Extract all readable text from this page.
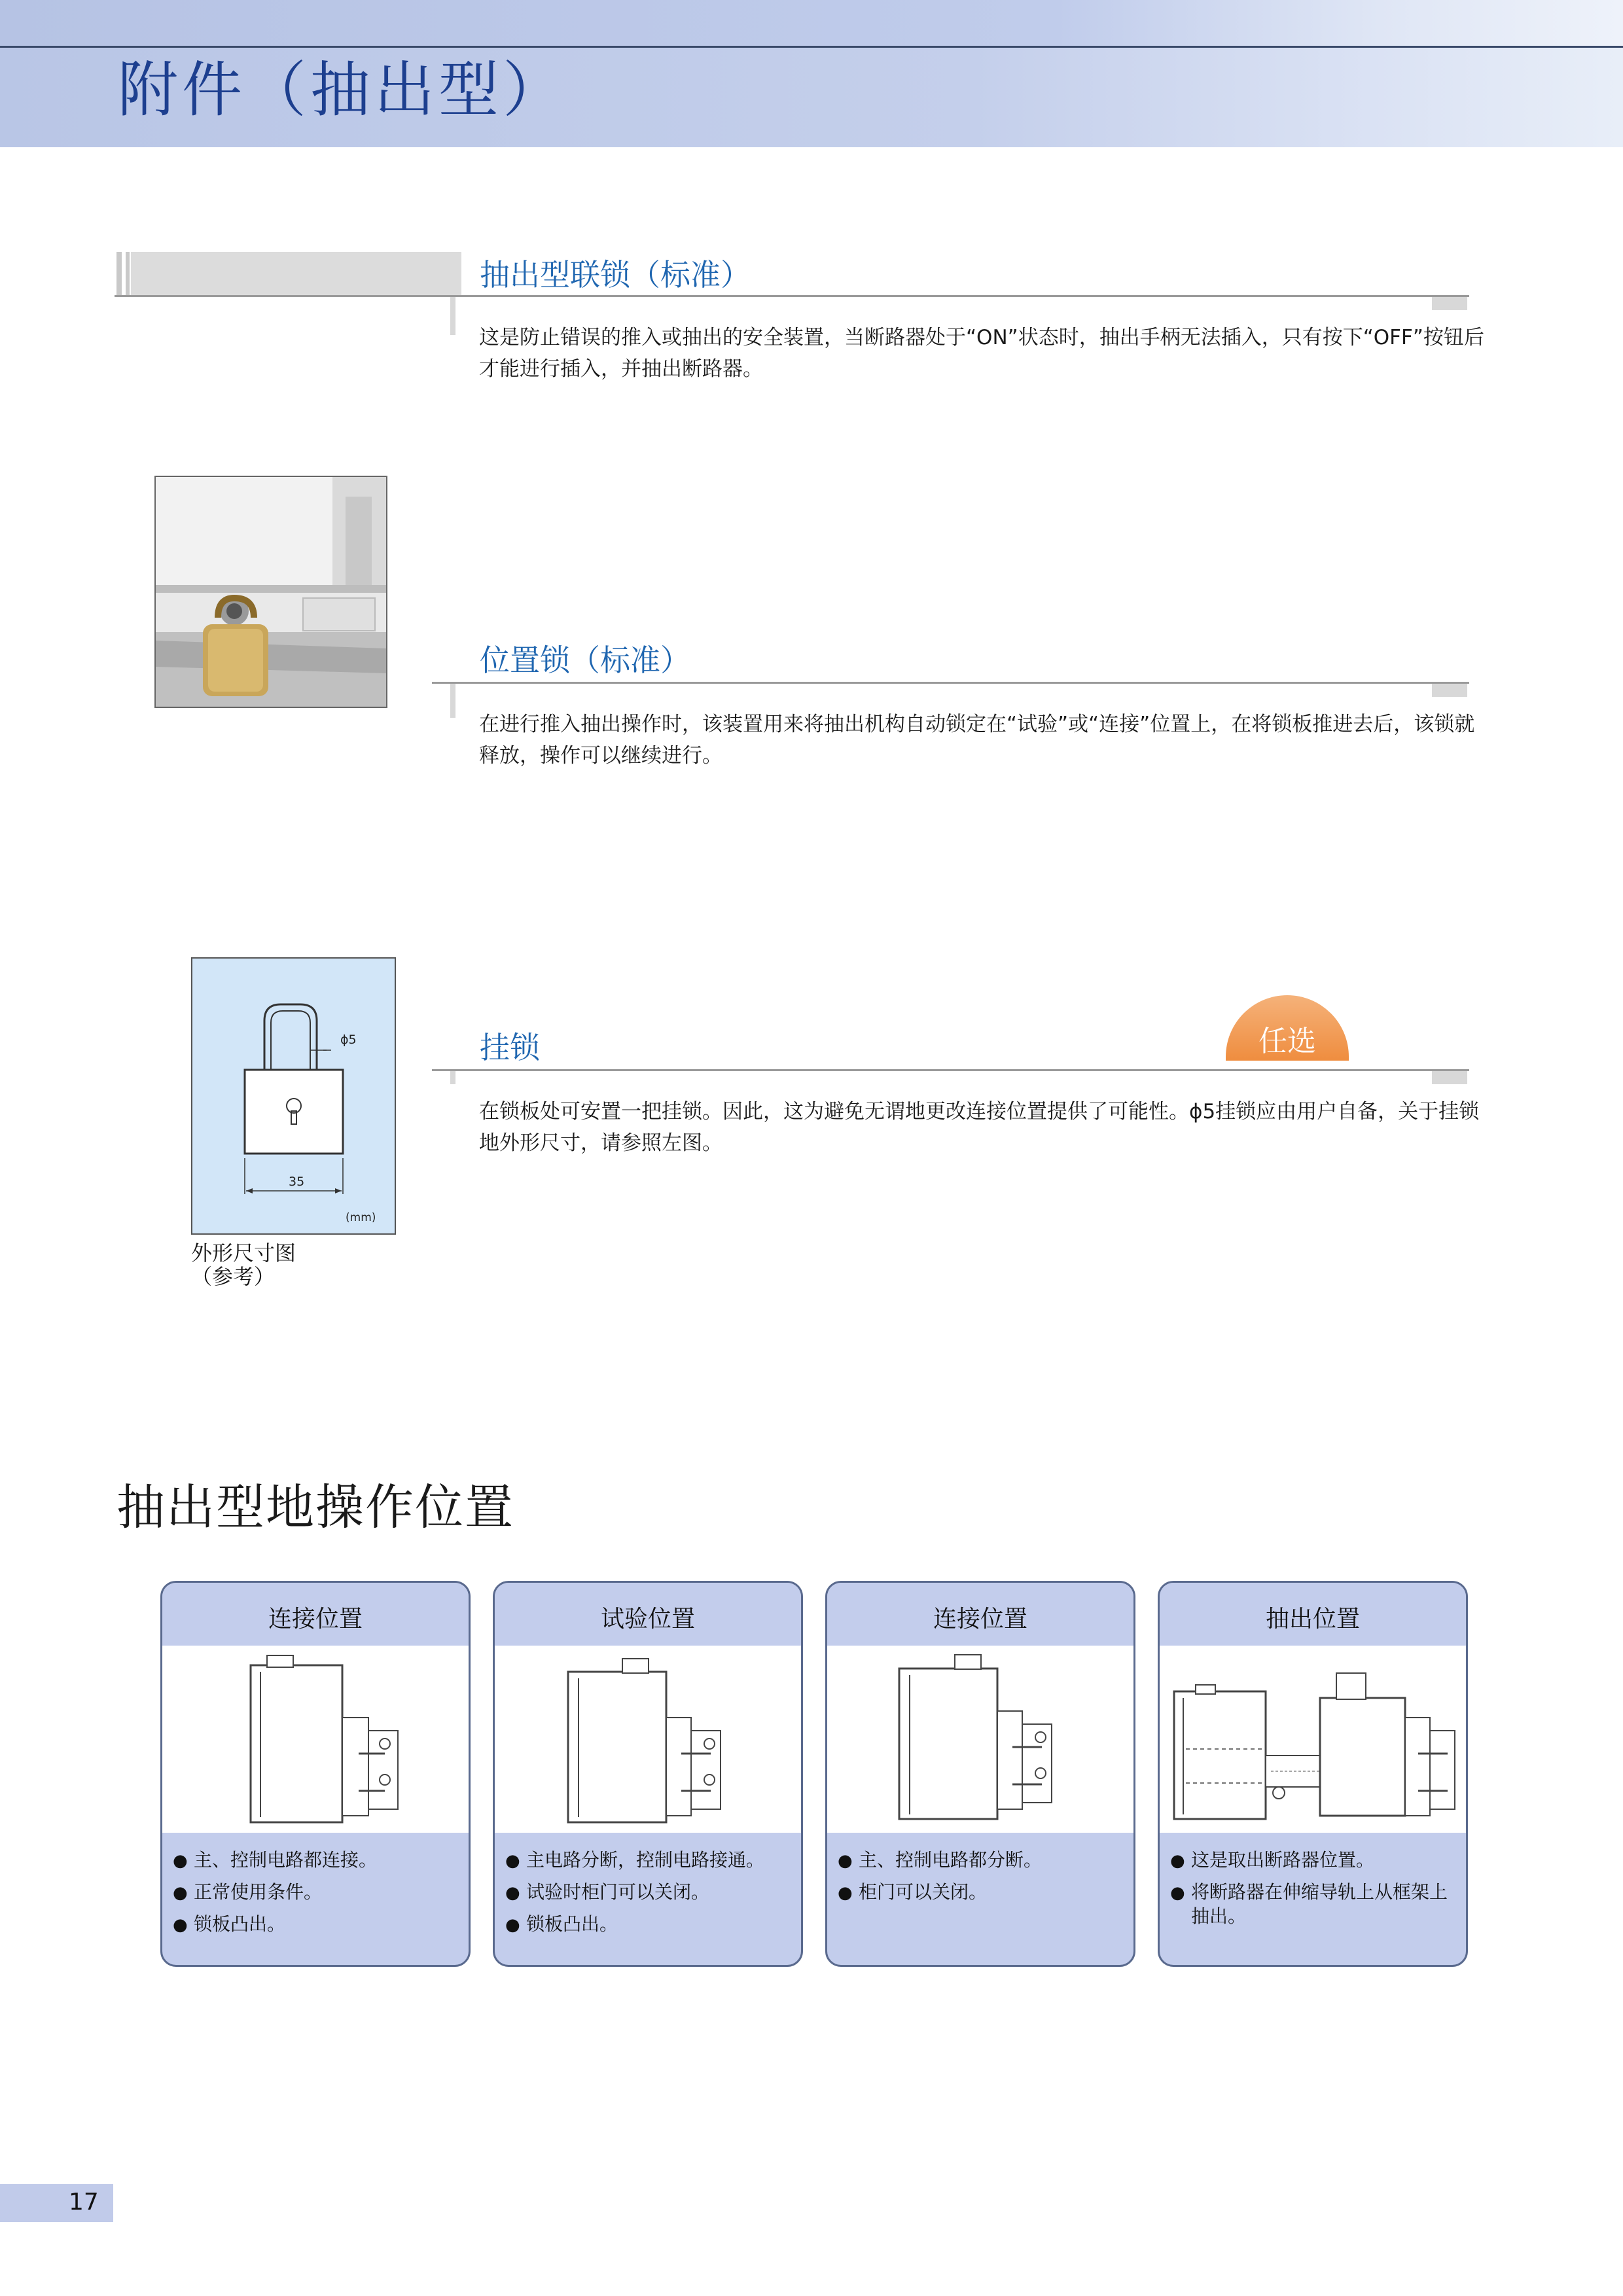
附件（抽出型）
抽出型联锁（标准）
这是防止错误的推入或抽出的安全装置，当断路器处于“ON”状态时，抽出手柄无法插入，只有按下“OFF”按钮后才能进行插入，并抽出断路器。
位置锁（标准）
在进行推入抽出操作时，该装置用来将抽出机构自动锁定在“试验”或“连接”位置上，在将锁板推进去后，该锁就释放，操作可以继续进行。
ϕ5
35
(mm)
外形尺寸图
（参考）
任选
挂锁
在锁板处可安置一把挂锁。因此，这为避免无谓地更改连接位置提供了可能性。ϕ5挂锁应由用户自备，关于挂锁地外形尺寸，请参照左图。
抽出型地操作位置
连接位置
● 主、控制电路都连接。
● 正常使用条件。
● 锁板凸出。
试验位置
● 主电路分断，控制电路接通。
● 试验时柜门可以关闭。
● 锁板凸出。
连接位置
● 主、控制电路都分断。
● 柜门可以关闭。
抽出位置
● 这是取出断路器位置。
● 将断路器在伸缩导轨上从框架上抽出。
17
